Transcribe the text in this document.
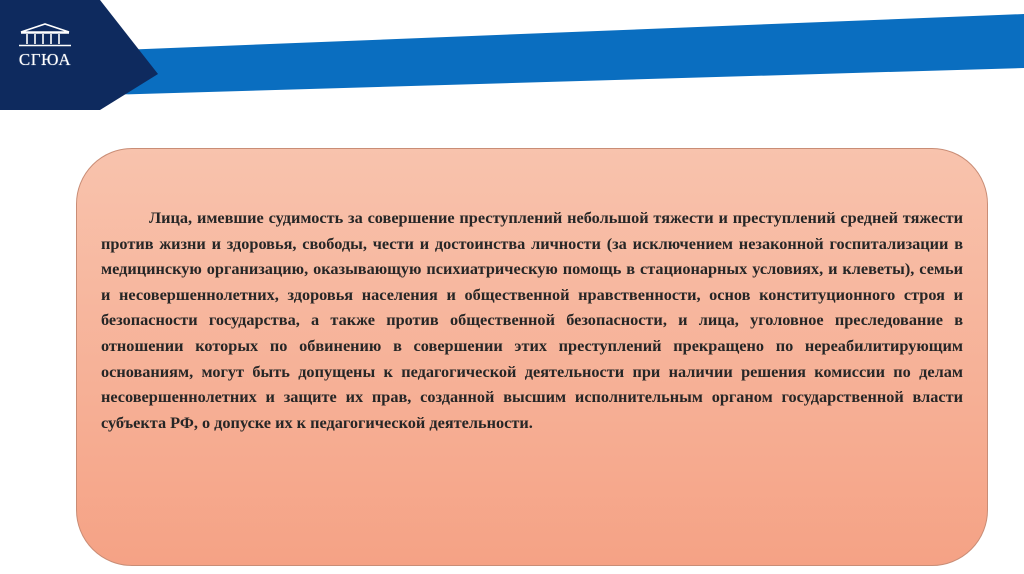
СГЮА

Лица, имевшие судимость за совершение преступлений небольшой тяжести и преступлений средней тяжести против жизни и здоровья, свободы, чести и достоинства личности (за исключением незаконной госпитализации в медицинскую организацию, оказывающую психиатрическую помощь в стационарных условиях, и клеветы), семьи и несовершеннолетних, здоровья населения и общественной нравственности, основ конституционного строя и безопасности государства, а также против общественной безопасности, и лица, уголовное преследование в отношении которых по обвинению в совершении этих преступлений прекращено по нереабилитирующим основаниям, могут быть допущены к педагогической деятельности при наличии решения комиссии по делам несовершеннолетних и защите их прав, созданной высшим исполнительным органом государственной власти субъекта РФ, о допуске их к педагогической деятельности.
